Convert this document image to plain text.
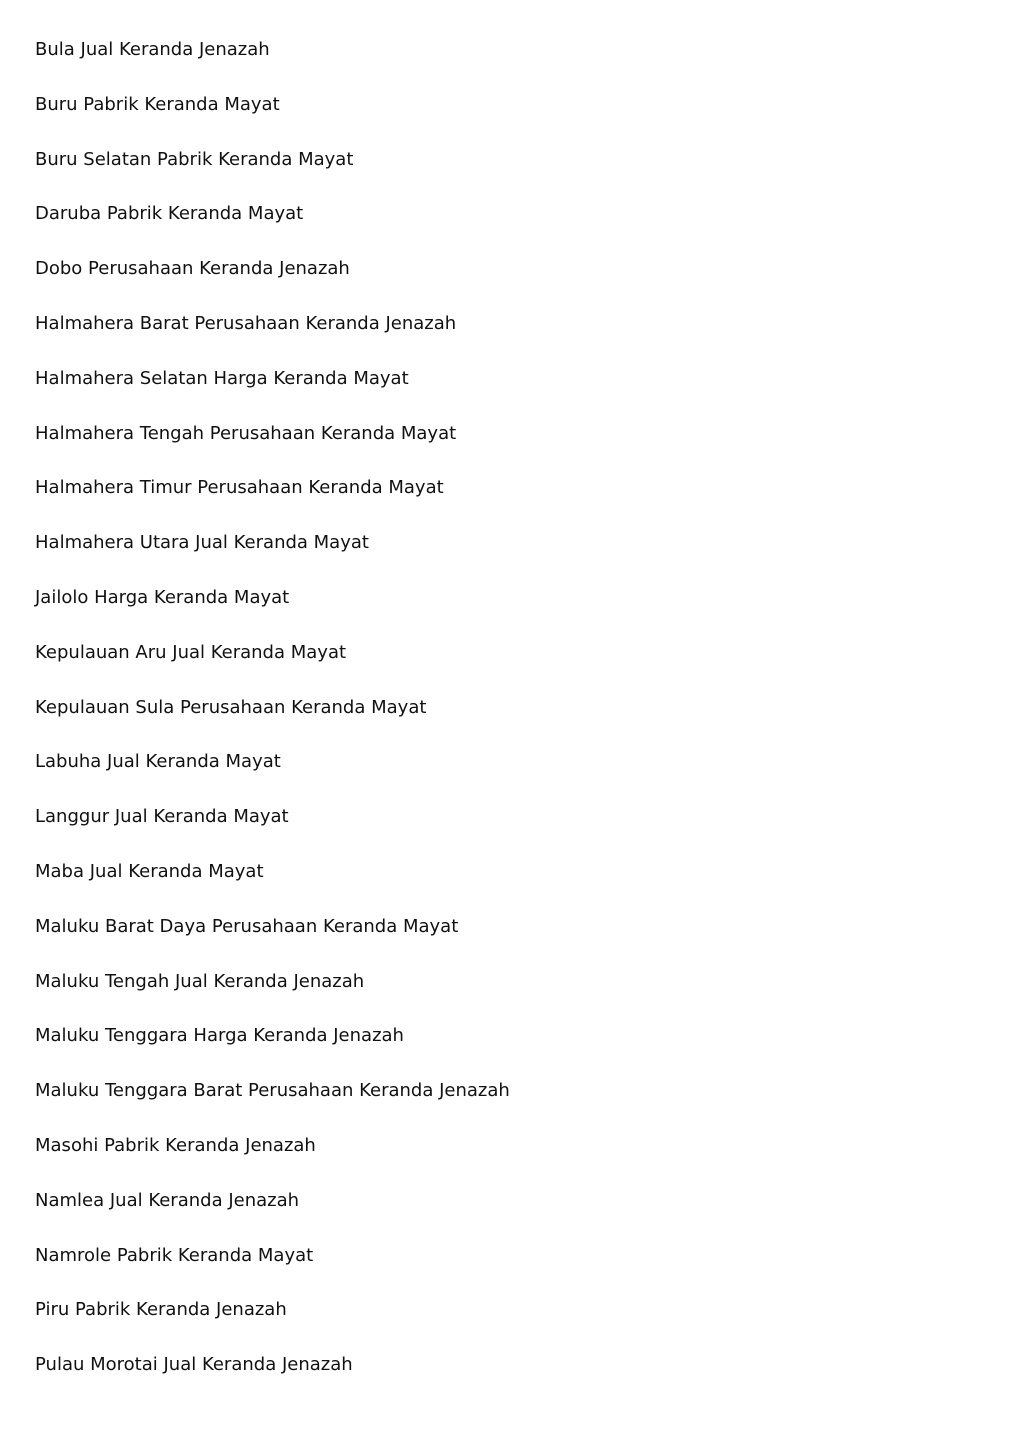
Bula Jual Keranda Jenazah
Buru Pabrik Keranda Mayat
Buru Selatan Pabrik Keranda Mayat
Daruba Pabrik Keranda Mayat
Dobo Perusahaan Keranda Jenazah
Halmahera Barat Perusahaan Keranda Jenazah
Halmahera Selatan Harga Keranda Mayat
Halmahera Tengah Perusahaan Keranda Mayat
Halmahera Timur Perusahaan Keranda Mayat
Halmahera Utara Jual Keranda Mayat
Jailolo Harga Keranda Mayat
Kepulauan Aru Jual Keranda Mayat
Kepulauan Sula Perusahaan Keranda Mayat
Labuha Jual Keranda Mayat
Langgur Jual Keranda Mayat
Maba Jual Keranda Mayat
Maluku Barat Daya Perusahaan Keranda Mayat
Maluku Tengah Jual Keranda Jenazah
Maluku Tenggara Harga Keranda Jenazah
Maluku Tenggara Barat Perusahaan Keranda Jenazah
Masohi Pabrik Keranda Jenazah
Namlea Jual Keranda Jenazah
Namrole Pabrik Keranda Mayat
Piru Pabrik Keranda Jenazah
Pulau Morotai Jual Keranda Jenazah
